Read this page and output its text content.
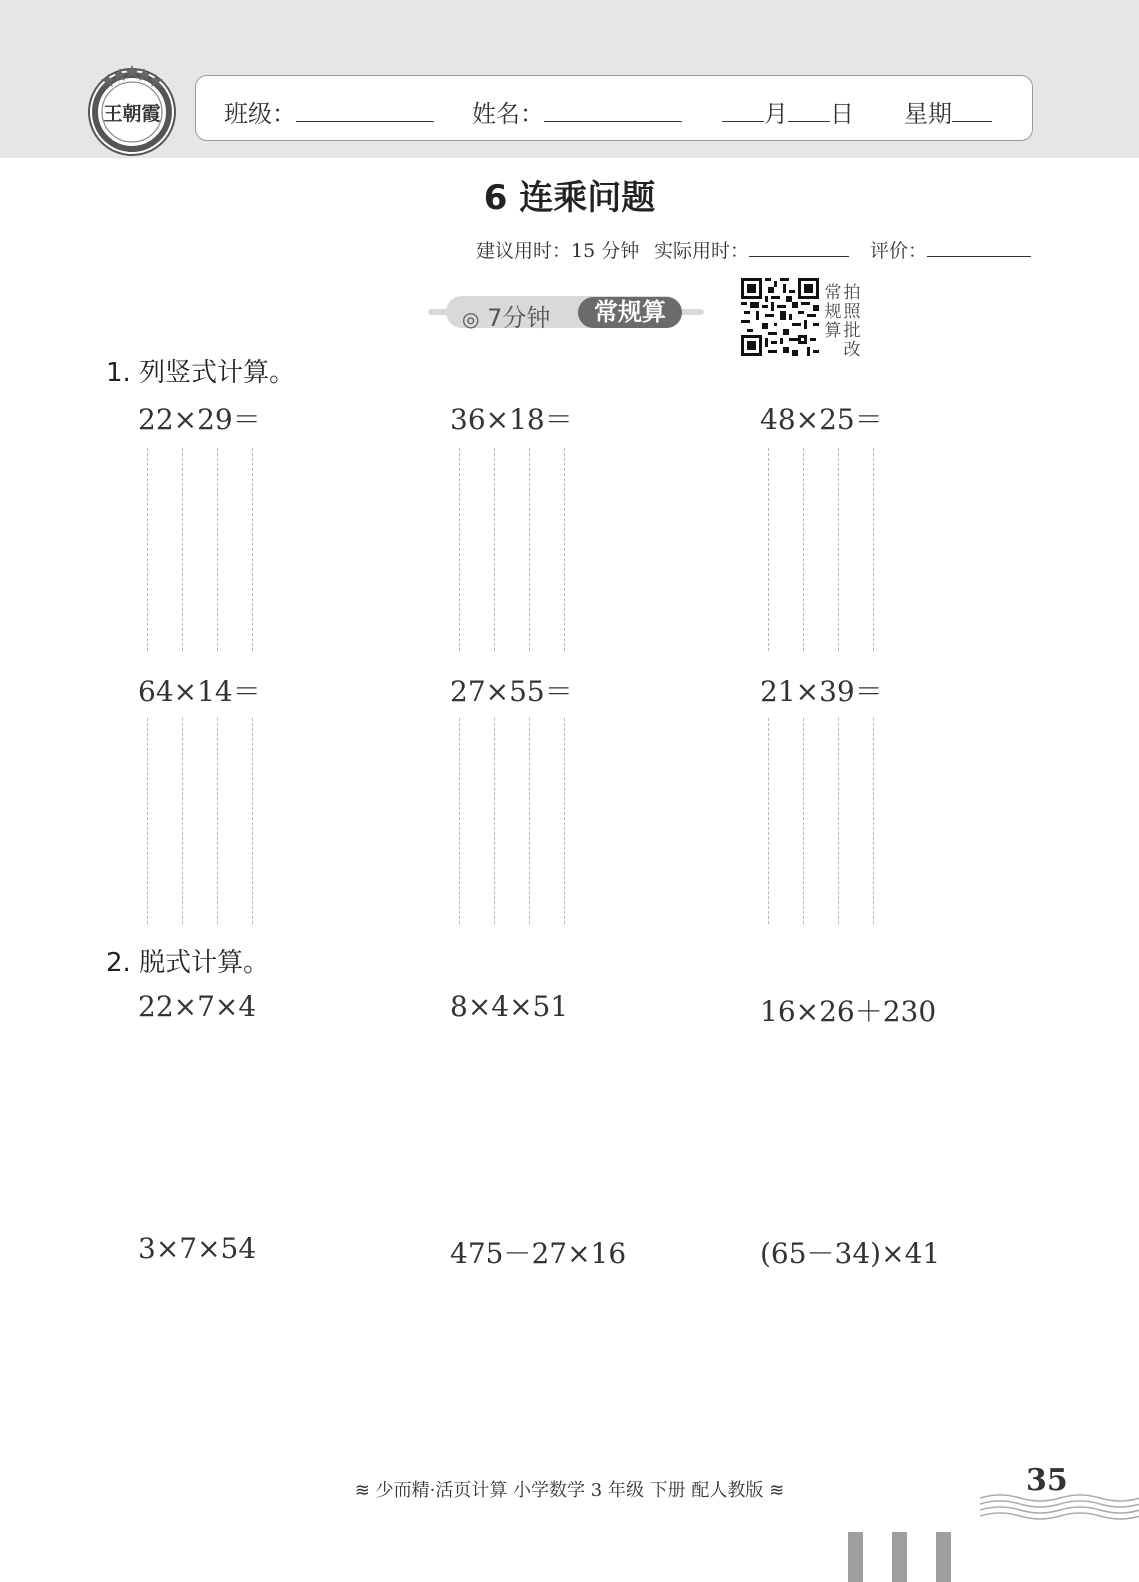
王朝霞	班级：	姓名：	月 日 星期
6 连乘问题
建议用时：15 分钟 实际用时：	评价：
◎ 7分钟	常规算
常规算
拍照批改
1. 列竖式计算。
22×29＝	36×18＝	48×25＝
64×14＝	27×55＝	21×39＝
2. 脱式计算。
22×7×4	8×4×51	16×26＋230
3×7×54	475－27×16	(65－34)×41
≋ 少而精·活页计算 小学数学 3 年级 下册 配人教版 ≋	35
